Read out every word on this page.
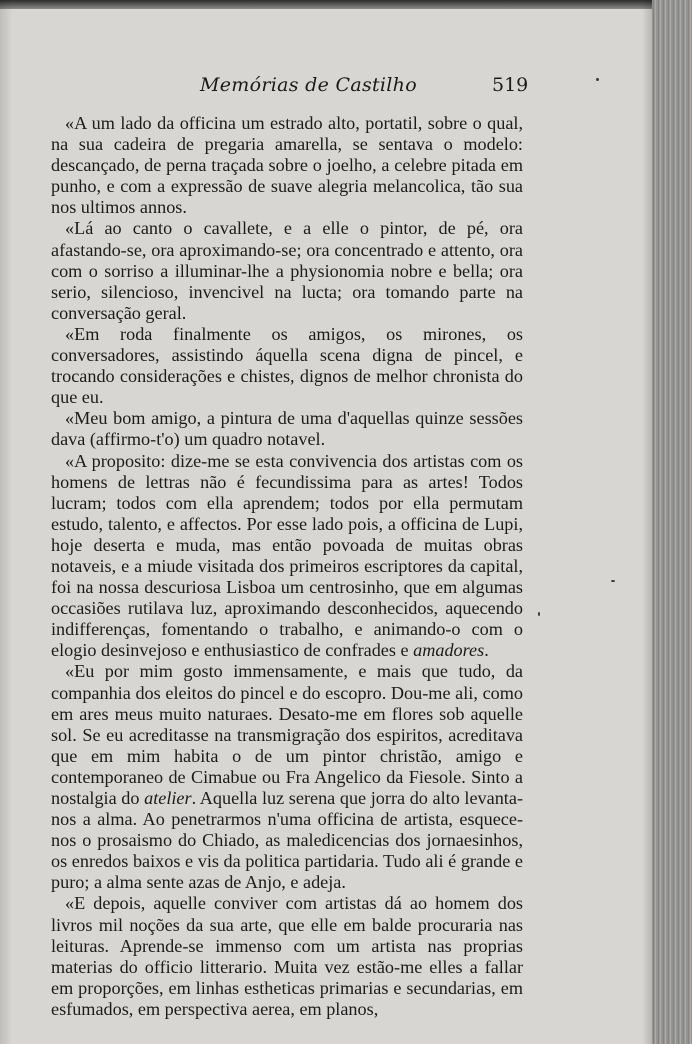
Memórias de Castilho	519

«A um lado da officina um estrado alto, portatil, sobre o qual, na sua cadeira de pregaria amarella, se sentava o modelo: descançado, de perna traçada sobre o joelho, a celebre pitada em punho, e com a expressão de suave alegria melancolica, tão sua nos ultimos annos.

«Lá ao canto o cavallete, e a elle o pintor, de pé, ora afastando-se, ora aproximando-se; ora concentrado e attento, ora com o sorriso a illuminar-lhe a physionomia nobre e bella; ora serio, silencioso, invencivel na lucta; ora tomando parte na conversação geral.

«Em roda finalmente os amigos, os mirones, os conversadores, assistindo áquella scena digna de pincel, e trocando considerações e chistes, dignos de melhor chronista do que eu.

«Meu bom amigo, a pintura de uma d'aquellas quinze sessões dava (affirmo-t'o) um quadro notavel.

«A proposito: dize-me se esta convivencia dos artistas com os homens de lettras não é fecundissima para as artes! Todos lucram; todos com ella aprendem; todos por ella permutam estudo, talento, e affectos. Por esse lado pois, a officina de Lupi, hoje deserta e muda, mas então povoada de muitas obras notaveis, e a miude visitada dos primeiros escriptores da capital, foi na nossa descuriosa Lisboa um centrosinho, que em algumas occasiões rutilava luz, aproximando desconhecidos, aquecendo indifferenças, fomentando o trabalho, e animando-o com o elogio desinvejoso e enthusiastico de confrades e amadores.

«Eu por mim gosto immensamente, e mais que tudo, da companhia dos eleitos do pincel e do escopro. Dou-me ali, como em ares meus muito naturaes. Desato-me em flores sob aquelle sol. Se eu acreditasse na transmigração dos espiritos, acreditava que em mim habita o de um pintor christão, amigo e contemporaneo de Cimabue ou Fra Angelico da Fiesole. Sinto a nostalgia do atelier. Aquella luz serena que jorra do alto levanta-nos a alma. Ao penetrarmos n'uma officina de artista, esquece-nos o prosaismo do Chiado, as maledicencias dos jornaesinhos, os enredos baixos e vis da politica partidaria. Tudo ali é grande e puro; a alma sente azas de Anjo, e adeja.

«E depois, aquelle conviver com artistas dá ao homem dos livros mil noções da sua arte, que elle em balde procuraria nas leituras. Aprende-se immenso com um artista nas proprias materias do officio litterario. Muita vez estão-me elles a fallar em proporções, em linhas estheticas primarias e secundarias, em esfumados, em perspectiva aerea, em planos,
